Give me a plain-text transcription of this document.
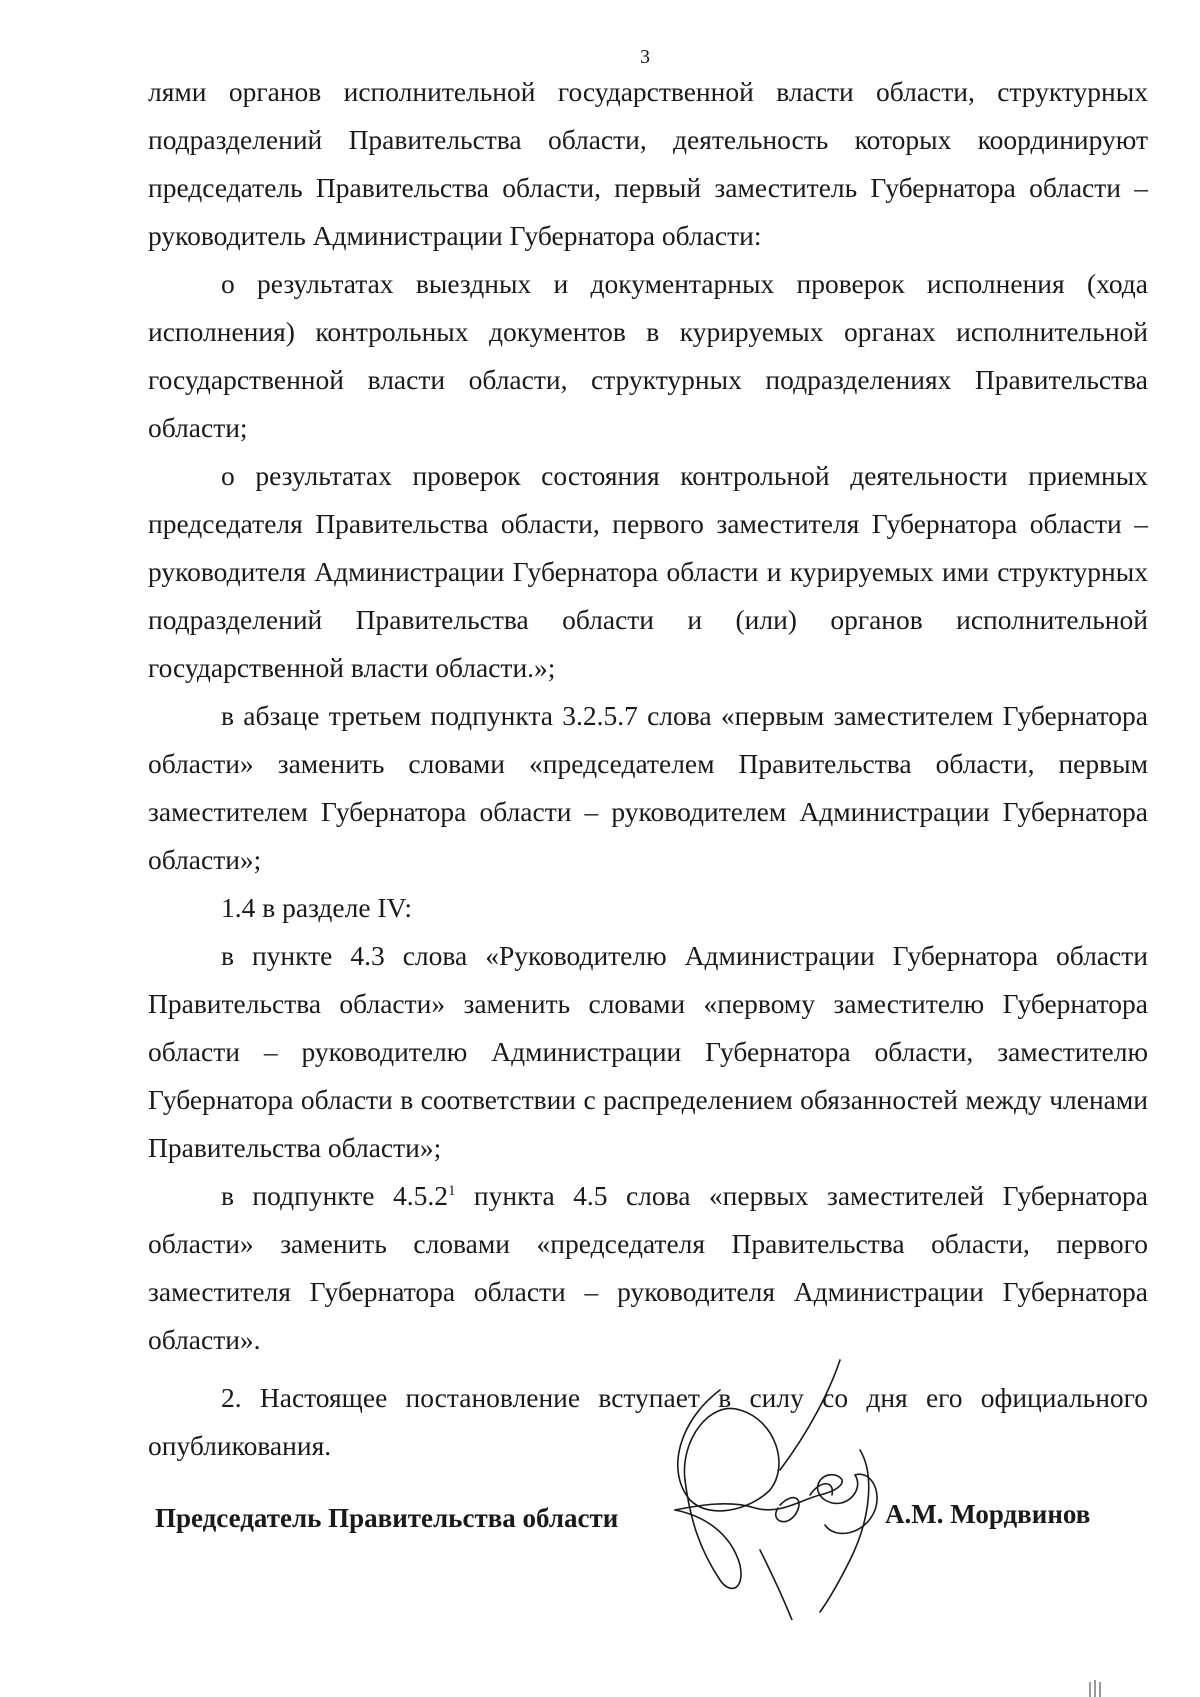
3

лями органов исполнительной государственной власти области, структурных подразделений Правительства области, деятельность которых координируют председатель Правительства области, первый заместитель Губернатора области – руководитель Администрации Губернатора области:

о результатах выездных и документарных проверок исполнения (хода исполнения) контрольных документов в курируемых органах исполнительной государственной власти области, структурных подразделениях Правительства области;

о результатах проверок состояния контрольной деятельности приемных председателя Правительства области, первого заместителя Губернатора области – руководителя Администрации Губернатора области и курируемых ими структурных подразделений Правительства области и (или) органов исполнительной государственной власти области.»;

в абзаце третьем подпункта 3.2.5.7 слова «первым заместителем Губернатора области» заменить словами «председателем Правительства области, первым заместителем Губернатора области – руководителем Администрации Губернатора области»;

1.4 в разделе IV:

в пункте 4.3 слова «Руководителю Администрации Губернатора области Правительства области» заменить словами «первому заместителю Губернатора области – руководителю Администрации Губернатора области, заместителю Губернатора области в соответствии с распределением обязанностей между членами Правительства области»;

в подпункте 4.5.2$^1$ пункта 4.5 слова «первых заместителей Губернатора области» заменить словами «председателя Правительства области, первого заместителя Губернатора области – руководителя Администрации Губернатора области».

2. Настоящее постановление вступает в силу со дня его официального опубликования.

Председатель Правительства области	А.М. Мордвинов
